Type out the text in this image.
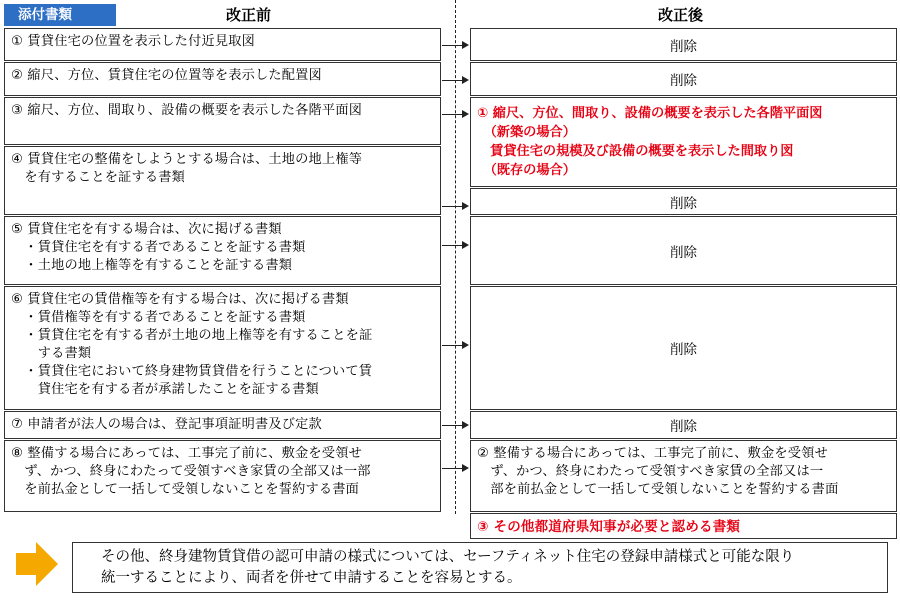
添付書類	改正前	改正後
① 賃貸住宅の位置を表示した付近見取図
② 縮尺、方位、賃貸住宅の位置等を表示した配置図
③ 縮尺、方位、間取り、設備の概要を表示した各階平面図
④ 賃貸住宅の整備をしようとする場合は、土地の地上権等
　を有することを証する書類
⑤ 賃貸住宅を有する場合は、次に掲げる書類
　・賃貸住宅を有する者であることを証する書類
　・土地の地上権等を有することを証する書類
⑥ 賃貸住宅の賃借権等を有する場合は、次に掲げる書類
　・賃借権等を有する者であることを証する書類
　・賃貸住宅を有する者が土地の地上権等を有することを証
　　する書類
　・賃貸住宅において終身建物賃貸借を行うことについて賃
　　貸住宅を有する者が承諾したことを証する書類
⑦ 申請者が法人の場合は、登記事項証明書及び定款
⑧ 整備する場合にあっては、工事完了前に、敷金を受領せ
　ず、かつ、終身にわたって受領すべき家賃の全部又は一部
　を前払金として一括して受領しないことを誓約する書面
削除
削除
① 縮尺、方位、間取り、設備の概要を表示した各階平面図
　（新築の場合）
　賃貸住宅の規模及び設備の概要を表示した間取り図
　（既存の場合）
削除
削除
削除
削除
② 整備する場合にあっては、工事完了前に、敷金を受領せ
　ず、かつ、終身にわたって受領すべき家賃の全部又は一
　部を前払金として一括して受領しないことを誓約する書面
③ その他都道府県知事が必要と認める書類
その他、終身建物賃貸借の認可申請の様式については、セーフティネット住宅の登録申請様式と可能な限り
統一することにより、両者を併せて申請することを容易とする。
